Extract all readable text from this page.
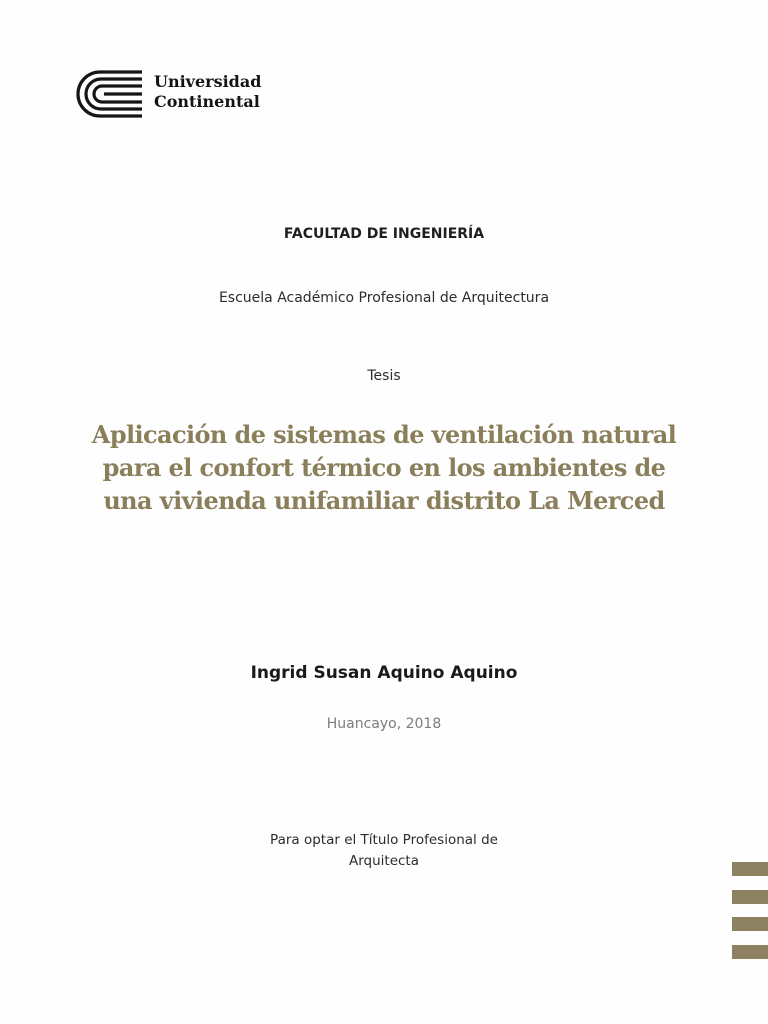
Universidad
Continental
FACULTAD DE INGENIERÍA
Escuela Académico Profesional de Arquitectura
Tesis
Aplicación de sistemas de ventilación natural para el confort térmico en los ambientes de una vivienda unifamiliar distrito La Merced
Ingrid Susan Aquino Aquino
Huancayo, 2018
Para optar el Título Profesional de
Arquitecta
